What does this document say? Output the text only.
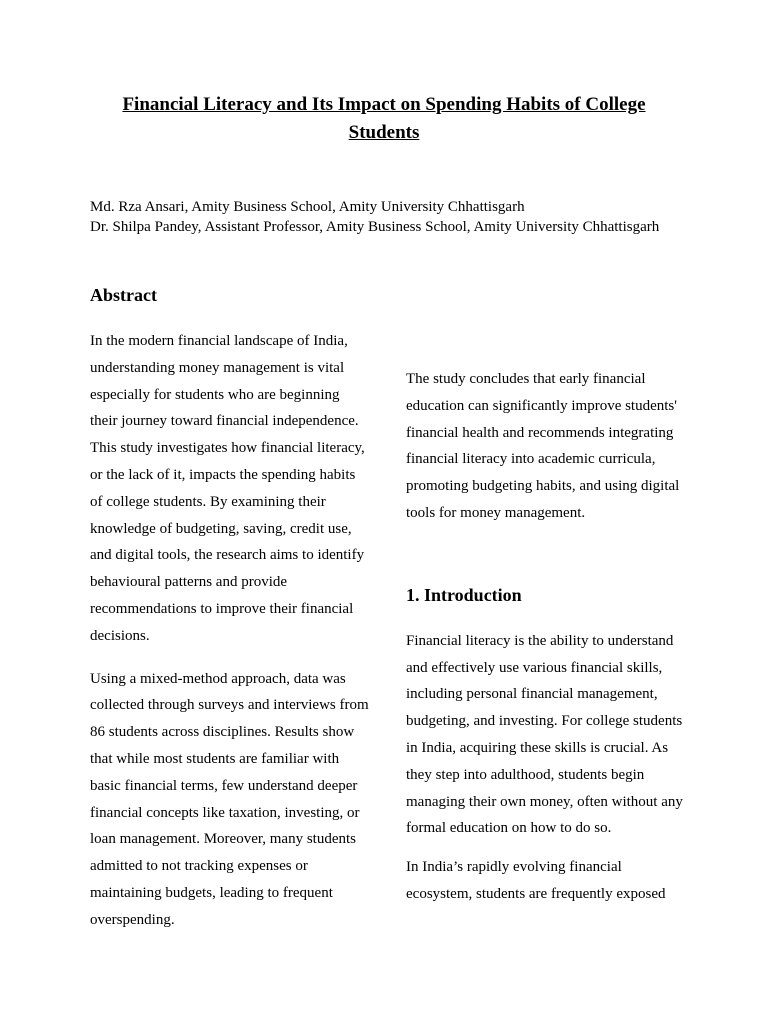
Financial Literacy and Its Impact on Spending Habits of College Students
Md. Rza Ansari, Amity Business School, Amity University Chhattisgarh
Dr. Shilpa Pandey, Assistant Professor, Amity Business School, Amity University Chhattisgarh
Abstract

In the modern financial landscape of India, understanding money management is vital especially for students who are beginning their journey toward financial independence. This study investigates how financial literacy, or the lack of it, impacts the spending habits of college students. By examining their knowledge of budgeting, saving, credit use, and digital tools, the research aims to identify behavioural patterns and provide recommendations to improve their financial decisions.

Using a mixed-method approach, data was collected through surveys and interviews from 86 students across disciplines. Results show that while most students are familiar with basic financial terms, few understand deeper financial concepts like taxation, investing, or loan management. Moreover, many students admitted to not tracking expenses or maintaining budgets, leading to frequent overspending.

The study concludes that early financial education can significantly improve students' financial health and recommends integrating financial literacy into academic curricula, promoting budgeting habits, and using digital tools for money management.

1. Introduction

Financial literacy is the ability to understand and effectively use various financial skills, including personal financial management, budgeting, and investing. For college students in India, acquiring these skills is crucial. As they step into adulthood, students begin managing their own money, often without any formal education on how to do so.

In India’s rapidly evolving financial ecosystem, students are frequently exposed
